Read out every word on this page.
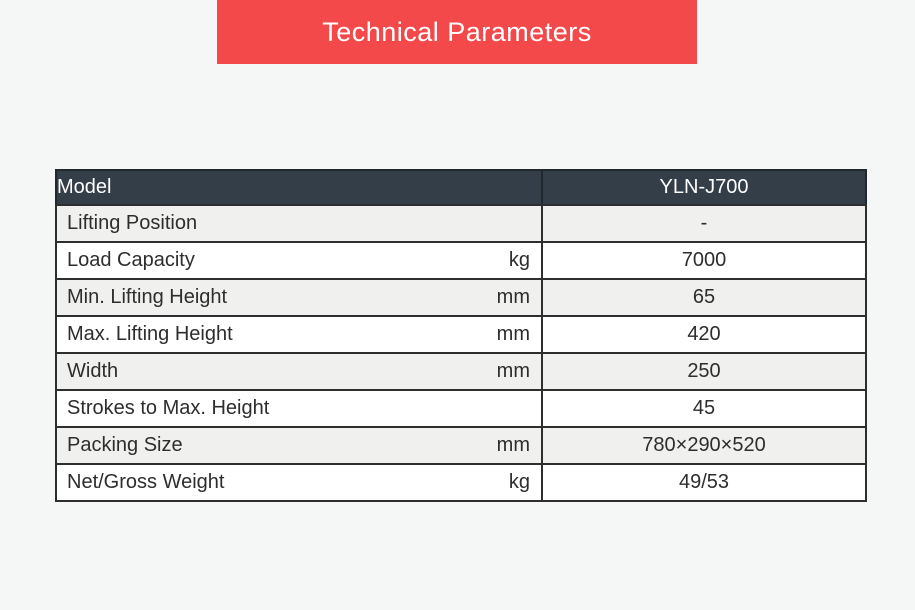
Technical Parameters
Model	YLN-J700

Lifting Position	-

Load Capacity kg	7000

Min. Lifting Height mm	65

Max. Lifting Height mm	420

Width mm	250

Strokes to Max. Height	45

Packing Size mm	780×290×520

Net/Gross Weight kg	49/53
